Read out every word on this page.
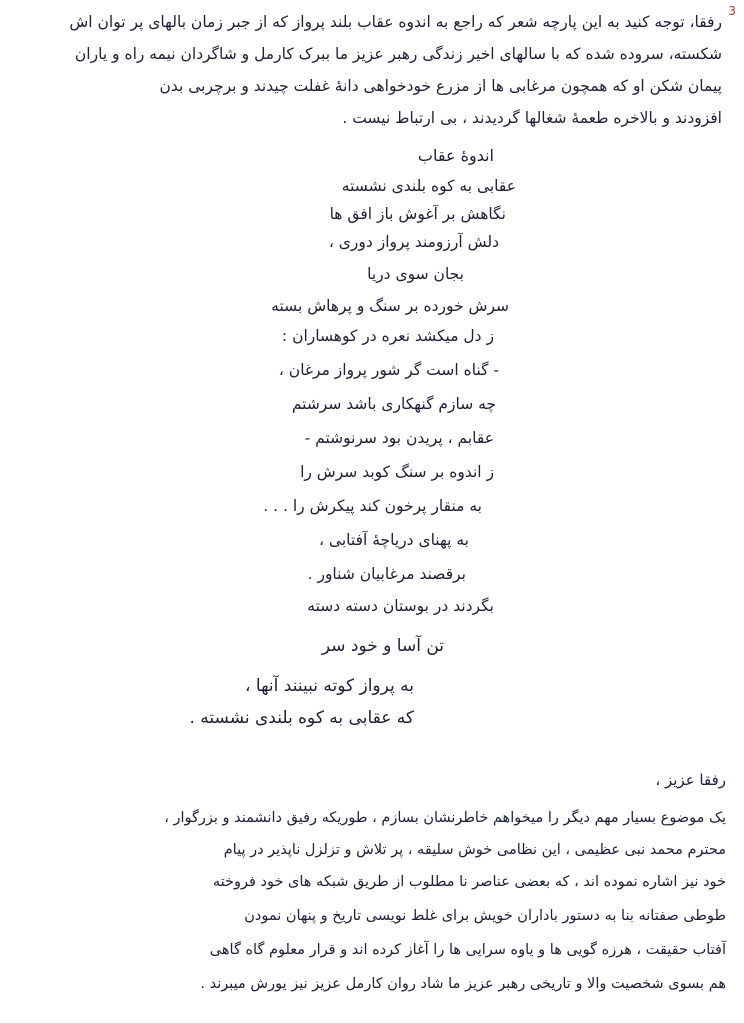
3
رفقا، توجه کنید به این پارچه شعر که راجع به اندوه عقاب بلند پرواز که از جبر زمان بالهای پر توان اش
شکسته، سروده شده که با سالهای اخیر زندگی رهبر عزیز ما ببرک کارمل و شاگردان نیمه راه و یاران
پیمان شکن او که همچون مرغابی ها از مزرع خودخواهی دانهٔ غفلت چیدند و برچربی بدن
افزودند و بالاخره طعمهٔ شغالها گردیدند ، بی ارتباط نیست .
اندوهٔ عقاب
عقابی به کوه بلندی نشسته
نگاهش بر آغوش باز افق ها
دلش آرزومند پرواز دوری ،
بجان سوی دریا
سرش خورده بر سنگ و پرهاش بسته
ز دل میکشد نعره در کوهساران :
- گناه است گر شور پرواز مرغان ،
چه سازم گنهکاری باشد سرشتم
عقابم ، پریدن بود سرنوشتم -
ز اندوه بر سنگ کوبد سرش را
به منقار پرخون کند پیکرش را . . .
به پهنای دریاچهٔ آفتابی ،
برقصند مرغابیان شناور .
بگردند در بوستان دسته دسته
تن آسا و خود سر
به پرواز کوته نبینند آنها ،
که عقابی به کوه بلندی نشسته .
رفقا عزیز ،
یک موضوع بسیار مهم دیگر را میخواهم خاطرنشان بسازم ، طوریکه رفیق دانشمند و بزرگوار ،
محترم محمد نبی عظیمی ، این نظامی خوش سلیقه ، پر تلاش و تزلزل ناپذیر در پیام
خود نیز اشاره نموده اند ، که بعضی عناصر نا مطلوب از طریق شبکه های خود فروخته
طوطی صفتانه بنا به دستور باداران خویش برای غلط نویسی تاریخ و پنهان نمودن
آفتاب حقیقت ، هرزه گویی ها و یاوه سرایی ها را آغاز کرده اند و قرار معلوم گاه گاهی
هم بسوی شخصیت والا و تاریخی رهبر عزیز ما شاد روان کارمل عزیز نیز یورش میبرند .
